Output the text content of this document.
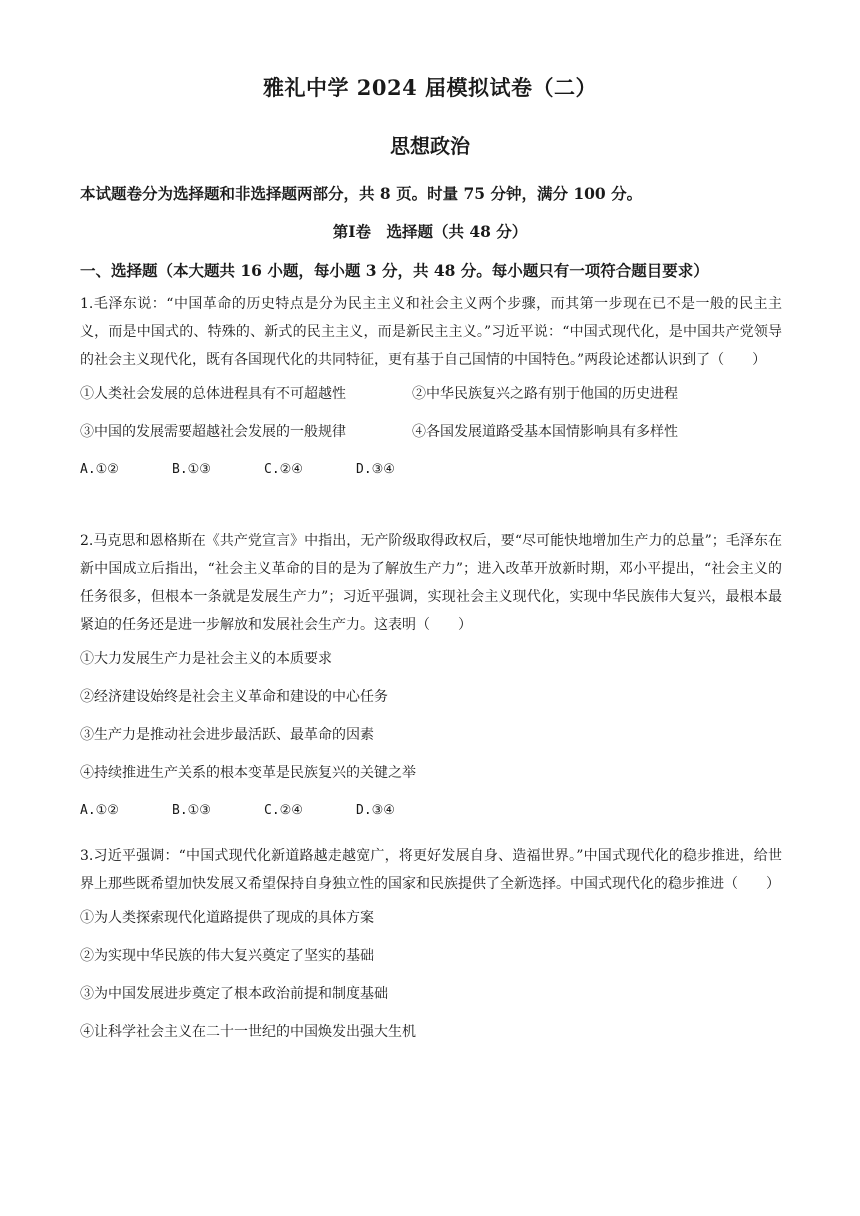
雅礼中学 2024 届模拟试卷（二）
思想政治
本试题卷分为选择题和非选择题两部分，共 8 页。时量 75 分钟，满分 100 分。
第Ⅰ卷　选择题（共 48 分）
一、选择题（本大题共 16 小题，每小题 3 分，共 48 分。每小题只有一项符合题目要求）

1.毛泽东说：“中国革命的历史特点是分为民主主义和社会主义两个步骤，而其第一步现在已不是一般的民主主义，而是中国式的、特殊的、新式的民主主义，而是新民主主义。”习近平说：“中国式现代化，是中国共产党领导的社会主义现代化，既有各国现代化的共同特征，更有基于自己国情的中国特色。”两段论述都认识到了（　　）

①人类社会发展的总体进程具有不可超越性	②中华民族复兴之路有别于他国的历史进程
③中国的发展需要超越社会发展的一般规律	④各国发展道路受基本国情影响具有多样性
A.①②	B.①③	C.②④	D.③④

2.马克思和恩格斯在《共产党宣言》中指出，无产阶级取得政权后，要“尽可能快地增加生产力的总量”；毛泽东在新中国成立后指出，“社会主义革命的目的是为了解放生产力”；进入改革开放新时期，邓小平提出，“社会主义的任务很多，但根本一条就是发展生产力”；习近平强调，实现社会主义现代化，实现中华民族伟大复兴，最根本最紧迫的任务还是进一步解放和发展社会生产力。这表明（　　）

①大力发展生产力是社会主义的本质要求
②经济建设始终是社会主义革命和建设的中心任务
③生产力是推动社会进步最活跃、最革命的因素
④持续推进生产关系的根本变革是民族复兴的关键之举
A.①②	B.①③	C.②④	D.③④

3.习近平强调：“中国式现代化新道路越走越宽广，将更好发展自身、造福世界。”中国式现代化的稳步推进，给世界上那些既希望加快发展又希望保持自身独立性的国家和民族提供了全新选择。中国式现代化的稳步推进（　　）

①为人类探索现代化道路提供了现成的具体方案
②为实现中华民族的伟大复兴奠定了坚实的基础
③为中国发展进步奠定了根本政治前提和制度基础
④让科学社会主义在二十一世纪的中国焕发出强大生机
